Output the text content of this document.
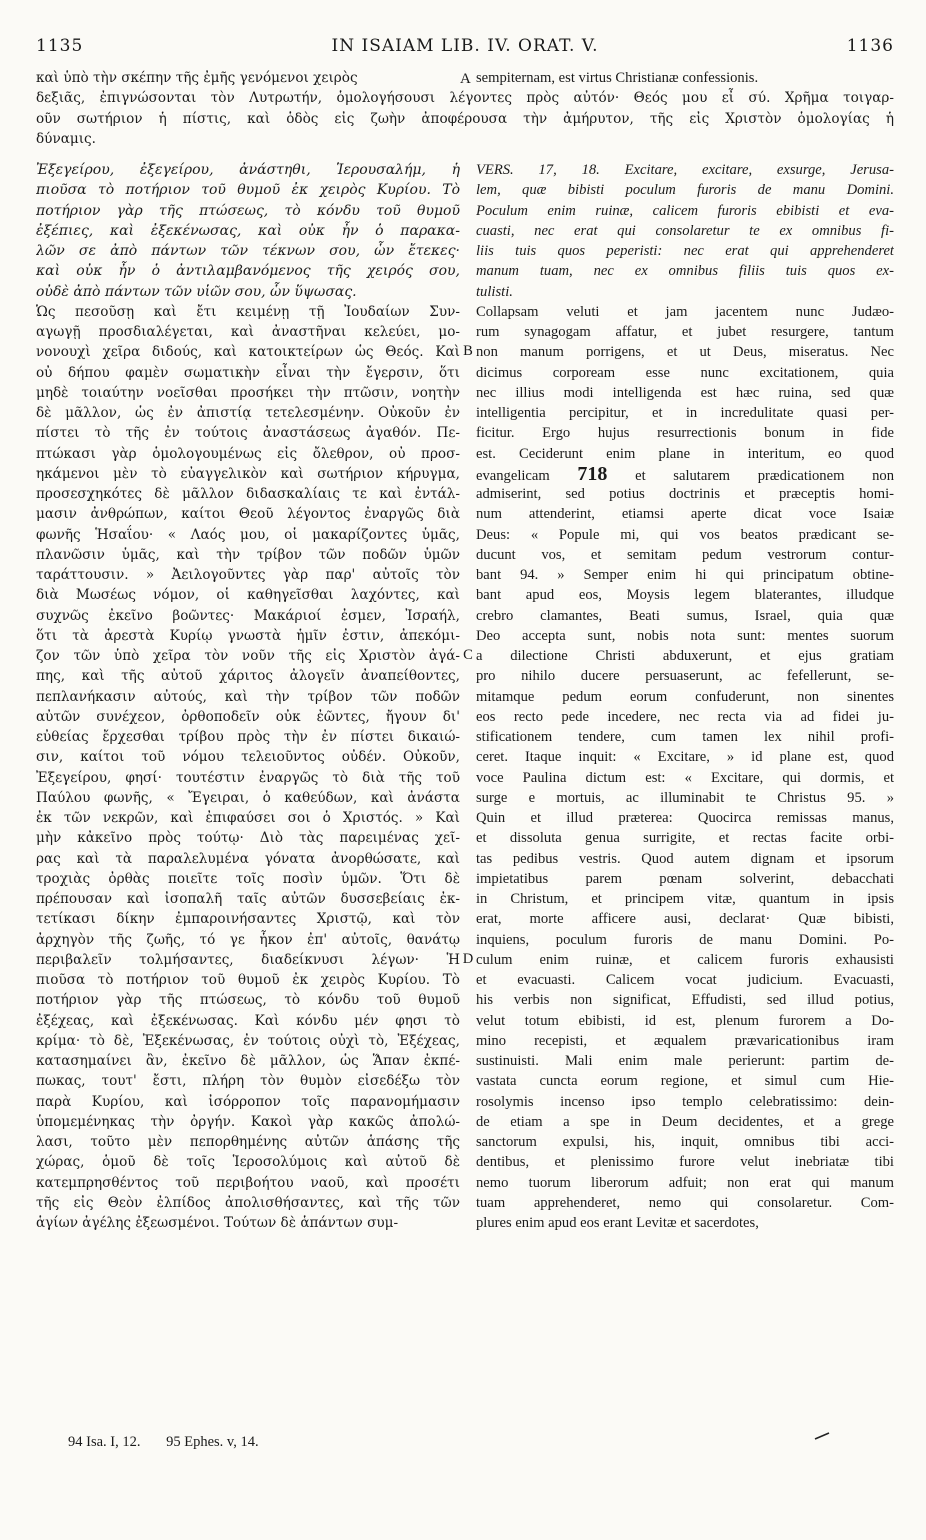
1135	IN ISAIAM LIB. IV. ORAT. V.	1136
καὶ ὑπὸ τὴν σκέπην τῆς ἐμῆς γενόμενοι χειρὸς	A sempiternam, est virtus Christianæ confessionis.
δεξιᾶς, ἐπιγνώσονται τὸν Λυτρωτήν, ὁμολογήσουσι λέγοντες πρὸς αὐτόν· Θεός μου εἶ σύ. Χρῆμα τοιγαρ-
οῦν σωτήριον ἡ πίστις, καὶ ὁδὸς εἰς ζωὴν ἀποφέρουσα τὴν ἀμήρυτον, τῆς εἰς Χριστὸν ὁμολογίας ἡ
δύναμις.
Ἐξεγείρου, ἐξεγείρου, ἀνάστηθι, Ἱερουσαλήμ, ἡ
πιοῦσα τὸ ποτήριον τοῦ θυμοῦ ἐκ χειρὸς Κυρίου. Τὸ
ποτήριον γὰρ τῆς πτώσεως, τὸ κόνδυ τοῦ θυμοῦ
ἐξέπιες, καὶ ἐξεκένωσας, καὶ οὐκ ἦν ὁ παρακα-
λῶν σε ἀπὸ πάντων τῶν τέκνων σου, ὧν ἔτεκες·
καὶ οὐκ ἦν ὁ ἀντιλαμβανόμενος τῆς χειρός σου,
οὐδὲ ἀπὸ πάντων τῶν υἱῶν σου, ὧν ὕψωσας.
Ὡς πεσοῦσῃ καὶ ἔτι κειμένῃ τῇ Ἰουδαίων Συν-
αγωγῇ προσδιαλέγεται, καὶ ἀναστῆναι κελεύει, μο-
νονουχὶ χεῖρα διδούς, καὶ κατοικτείρων ὡς Θεός. Καὶ
οὐ δήπου φαμὲν σωματικὴν εἶναι τὴν ἔγερσιν, ὅτι
μηδὲ τοιαύτην νοεῖσθαι προσήκει τὴν πτῶσιν, νοητὴν
δὲ μᾶλλον, ὡς ἐν ἀπιστίᾳ τετελεσμένην. Οὐκοῦν ἐν
πίστει τὸ τῆς ἐν τούτοις ἀναστάσεως ἀγαθόν. Πε-
πτώκασι γὰρ ὁμολογουμένως εἰς ὄλεθρον, οὐ προσ-
ηκάμενοι μὲν τὸ εὐαγγελικὸν καὶ σωτήριον κήρυγμα,
προσεσχηκότες δὲ μᾶλλον διδασκαλίαις τε καὶ ἐντάλ-
μασιν ἀνθρώπων, καίτοι Θεοῦ λέγοντος ἐναργῶς διὰ
φωνῆς Ἡσαΐου· « Λαός μου, οἱ μακαρίζοντες ὑμᾶς,
πλανῶσιν ὑμᾶς, καὶ τὴν τρίβον τῶν ποδῶν ὑμῶν
ταράττουσιν. » Ἀειλογοῦντες γὰρ παρ' αὐτοῖς τὸν
διὰ Μωσέως νόμον, οἱ καθηγεῖσθαι λαχόντες, καὶ
συχνῶς ἐκεῖνο βοῶντες· Μακάριοί ἐσμεν, Ἰσραήλ,
ὅτι τὰ ἀρεστὰ Κυρίῳ γνωστὰ ἡμῖν ἐστιν, ἀπεκόμι-
ζον τῶν ὑπὸ χεῖρα τὸν νοῦν τῆς εἰς Χριστὸν ἀγά-
πης, καὶ τῆς αὐτοῦ χάριτος ἀλογεῖν ἀναπείθοντες,
πεπλανήκασιν αὐτούς, καὶ τὴν τρίβον τῶν ποδῶν
αὐτῶν συνέχεον, ὀρθοποδεῖν οὐκ ἐῶντες, ἤγουν δι'
εὐθείας ἔρχεσθαι τρίβου πρὸς τὴν ἐν πίστει δικαιώ-
σιν, καίτοι τοῦ νόμου τελειοῦντος οὐδέν. Οὐκοῦν,
Ἐξεγείρου, φησί· τουτέστιν ἐναργῶς τὸ διὰ τῆς τοῦ
Παύλου φωνῆς, « Ἔγειραι, ὁ καθεύδων, καὶ ἀνάστα
ἐκ τῶν νεκρῶν, καὶ ἐπιφαύσει σοι ὁ Χριστός. » Καὶ
μὴν κἀκεῖνο πρὸς τούτῳ· Διὸ τὰς παρειμένας χεῖ-
ρας καὶ τὰ παραλελυμένα γόνατα ἀνορθώσατε, καὶ
τροχιὰς ὀρθὰς ποιεῖτε τοῖς ποσὶν ὑμῶν. Ὅτι δὲ
πρέπουσαν καὶ ἰσοπαλῆ ταῖς αὐτῶν δυσσεβείαις ἐκ-
τετίκασι δίκην ἐμπαροινήσαντες Χριστῷ, καὶ τὸν
ἀρχηγὸν τῆς ζωῆς, τό γε ἧκον ἐπ' αὐτοῖς, θανάτῳ
περιβαλεῖν τολμήσαντες, διαδείκνυσι λέγων· Ἡ
πιοῦσα τὸ ποτήριον τοῦ θυμοῦ ἐκ χειρὸς Κυρίου. Τὸ
ποτήριον γὰρ τῆς πτώσεως, τὸ κόνδυ τοῦ θυμοῦ
ἐξέχεας, καὶ ἐξεκένωσας. Καὶ κόνδυ μέν φησι τὸ
κρίμα· τὸ δὲ, Ἐξεκένωσας, ἐν τούτοις οὐχὶ τὸ, Ἐξέχεας,
κατασημαίνει ἂν, ἐκεῖνο δὲ μᾶλλον, ὡς Ἅπαν ἐκπέ-
πωκας, τουτ' ἔστι, πλήρη τὸν θυμὸν εἰσεδέξω τὸν
παρὰ Κυρίου, καὶ ἰσόρροπον τοῖς παρανομήμασιν
ὑπομεμένηκας τὴν ὀργήν. Κακοὶ γὰρ κακῶς ἀπολώ-
λασι, τοῦτο μὲν πεπορθημένης αὐτῶν ἁπάσης τῆς
χώρας, ὁμοῦ δὲ τοῖς Ἱεροσολύμοις καὶ αὐτοῦ δὲ
κατεμπρησθέντος τοῦ περιβοήτου ναοῦ, καὶ προσέτι
τῆς εἰς Θεὸν ἐλπίδος ἀπολισθήσαντες, καὶ τῆς τῶν
ἁγίων ἀγέλης ἐξεωσμένοι. Τούτων δὲ ἁπάντων συμ-
VERS. 17, 18. Excitare, excitare, exsurge, Jerusa-
lem, quæ bibisti poculum furoris de manu Domini.
Poculum enim ruinæ, calicem furoris ebibisti et eva-
cuasti, nec erat qui consolaretur te ex omnibus fi-
liis tuis quos peperisti: nec erat qui apprehenderet
manum tuam, nec ex omnibus filiis tuis quos ex-
tulisti.
Collapsam veluti et jam jacentem nunc Judæo-
rum synagogam affatur, et jubet resurgere, tantum
non manum porrigens, et ut Deus, miseratus. Nec
dicimus corpoream esse nunc excitationem, quia
nec illius modi intelligenda est hæc ruina, sed quæ
intelligentia percipitur, et in incredulitate quasi per-
ficitur. Ergo hujus resurrectionis bonum in fide
est. Ceciderunt enim plane in interitum, eo quod
evangelicam 718 et salutarem prædicationem non
admiserint, sed potius doctrinis et præceptis homi-
num attenderint, etiamsi aperte dicat voce Isaiæ
Deus: « Popule mi, qui vos beatos prædicant se-
ducunt vos, et semitam pedum vestrorum contur-
bant 94. » Semper enim hi qui principatum obtine-
bant apud eos, Moysis legem blaterantes, illudque
crebro clamantes, Beati sumus, Israel, quia quæ
Deo accepta sunt, nobis nota sunt: mentes suorum
a dilectione Christi abduxerunt, et ejus gratiam
pro nihilo ducere persuaserunt, ac fefellerunt, se-
mitamque pedum eorum confuderunt, non sinentes
eos recto pede incedere, nec recta via ad fidei ju-
stificationem tendere, cum tamen lex nihil profi-
ceret. Itaque inquit: « Excitare, » id plane est, quod
voce Paulina dictum est: « Excitare, qui dormis, et
surge e mortuis, ac illuminabit te Christus 95. »
Quin et illud præterea: Quocirca remissas manus,
et dissoluta genua surrigite, et rectas facite orbi-
tas pedibus vestris. Quod autem dignam et ipsorum
impietatibus parem pœnam solverint, debacchati
in Christum, et principem vitæ, quantum in ipsis
erat, morte afficere ausi, declarat· Quæ bibisti,
inquiens, poculum furoris de manu Domini. Po-
culum enim ruinæ, et calicem furoris exhausisti
et evacuasti. Calicem vocat judicium. Evacuasti,
his verbis non significat, Effudisti, sed illud potius,
velut totum ebibisti, id est, plenum furorem a Do-
mino recepisti, et æqualem prævaricationibus iram
sustinuisti. Mali enim male perierunt: partim de-
vastata cuncta eorum regione, et simul cum Hie-
rosolymis incenso ipso templo celebratissimo: dein-
de etiam a spe in Deum decidentes, et a grege
sanctorum expulsi, his, inquit, omnibus tibi acci-
dentibus, et plenissimo furore velut inebriatæ tibi
nemo tuorum liberorum adfuit; non erat qui manum
tuam apprehenderet, nemo qui consolaretur. Com-
plures enim apud eos erant Levitæ et sacerdotes,
B
C
D
94 Isa. I, 12. 95 Ephes. v, 14.
